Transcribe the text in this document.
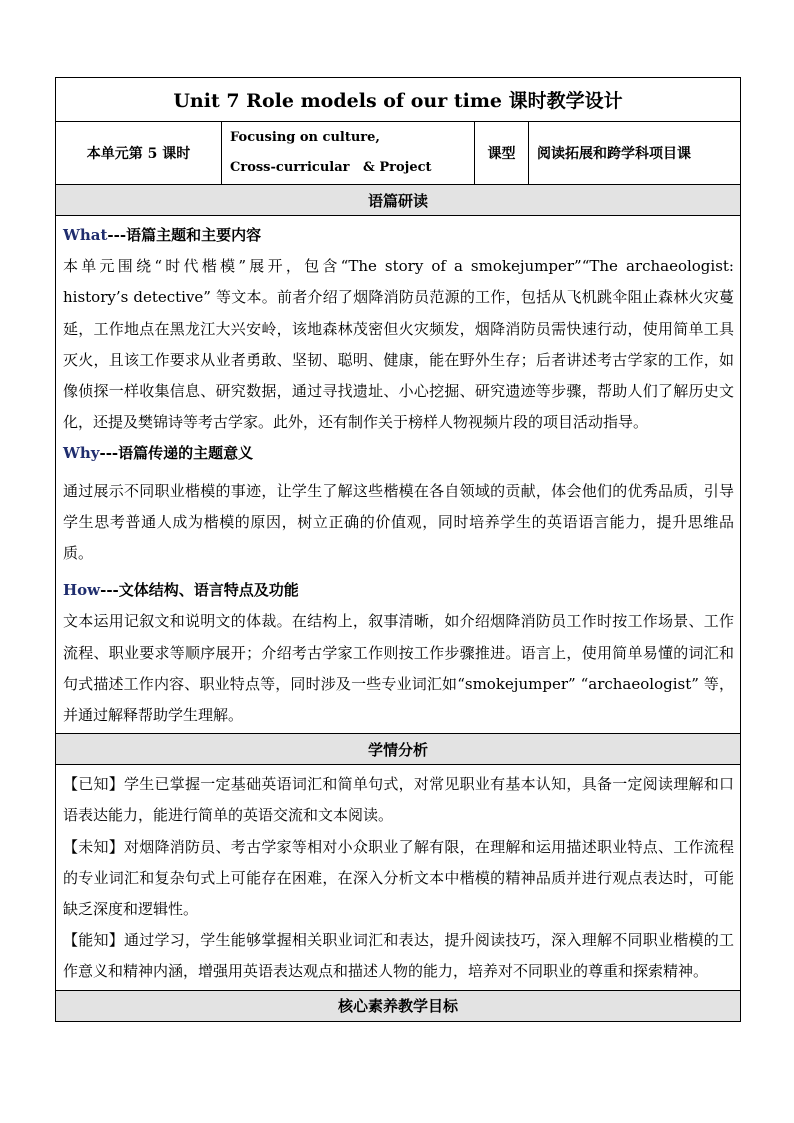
Unit 7 Role models of our time 课时教学设计
本单元第 5 课时
Focusing on culture,
Cross-curricular   & Project
课型	阅读拓展和跨学科项目课
语篇研读

What---语篇主题和主要内容

本单元围绕“时代楷模”展开，包含“The story of a smokejumper”“The archaeologist: history’s detective” 等文本。前者介绍了烟降消防员范源的工作，包括从飞机跳伞阻止森林火灾蔓延，工作地点在黑龙江大兴安岭，该地森林茂密但火灾频发，烟降消防员需快速行动，使用简单工具灭火，且该工作要求从业者勇敢、坚韧、聪明、健康，能在野外生存；后者讲述考古学家的工作，如像侦探一样收集信息、研究数据，通过寻找遗址、小心挖掘、研究遗迹等步骤，帮助人们了解历史文化，还提及樊锦诗等考古学家。此外，还有制作关于榜样人物视频片段的项目活动指导。

Why---语篇传递的主题意义

通过展示不同职业楷模的事迹，让学生了解这些楷模在各自领域的贡献，体会他们的优秀品质，引导学生思考普通人成为楷模的原因，树立正确的价值观，同时培养学生的英语语言能力，提升思维品质。

How---文体结构、语言特点及功能

文本运用记叙文和说明文的体裁。在结构上，叙事清晰，如介绍烟降消防员工作时按工作场景、工作流程、职业要求等顺序展开；介绍考古学家工作则按工作步骤推进。语言上，使用简单易懂的词汇和句式描述工作内容、职业特点等，同时涉及一些专业词汇如“smokejumper” “archaeologist” 等，并通过解释帮助学生理解。

学情分析

【已知】学生已掌握一定基础英语词汇和简单句式，对常见职业有基本认知，具备一定阅读理解和口语表达能力，能进行简单的英语交流和文本阅读。

【未知】对烟降消防员、考古学家等相对小众职业了解有限，在理解和运用描述职业特点、工作流程的专业词汇和复杂句式上可能存在困难，在深入分析文本中楷模的精神品质并进行观点表达时，可能缺乏深度和逻辑性。

【能知】通过学习，学生能够掌握相关职业词汇和表达，提升阅读技巧，深入理解不同职业楷模的工作意义和精神内涵，增强用英语表达观点和描述人物的能力，培养对不同职业的尊重和探索精神。

核心素养教学目标
